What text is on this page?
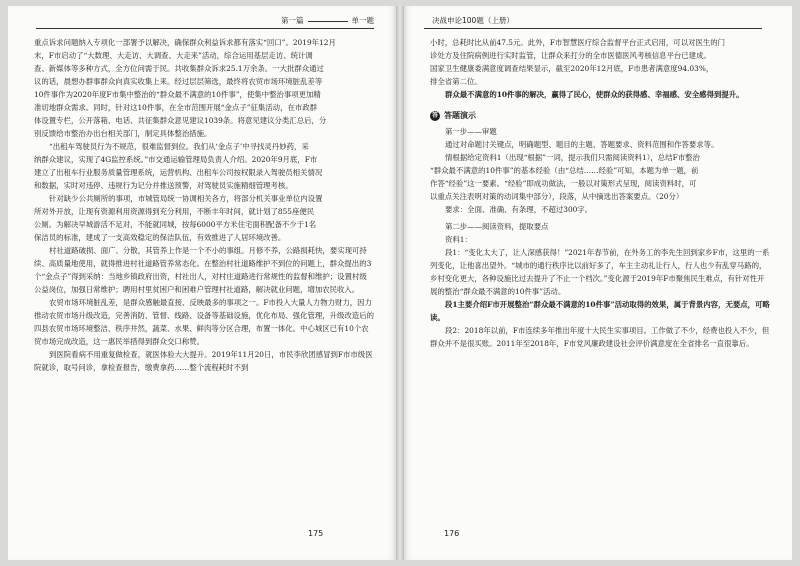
第一篇	单一题

重点诉求问题纳入专项化一部署予以解决，确保群众利益诉求都有落实“回口”。2019年12月

末，F市启动了“大数理、大走访、大调查、大走来”活动，综合运用基层走访、统计调

查、新媒体等多种方式，全方位问需于民。共收集群众诉求25.1万余条。一大批群众通过

议的话，晨想办群事群众向真实收集上来。经过层层筛选，最终将农贸市场环境脏乱差等

10件事作为2020年度F市集中整治的“群众最不满意的10件事”，使集中整治事项更加精

准切地群众需求。同时，针对这10件事，在全市范围开展“金点子”征集活动，在市政群

体设置专栏，公开落箱、电话、共征集群众意见建议1039条。将意见建议分类汇总后，分

别反馈给市整治办出台相关部门，制定具体整治措施。

“出租车驾驶员行为不规范，很难监督到位。我们从‘金点子’中寻找灵丹妙药，采

纳群众建议，实现了4G监控系统。”市交通运输管理局负责人介绍。2020年9月底，F市

建立了出租车行业服务质量管理系统，运营机构、出租车公司按权限录入驾驶员相关情况

和数据，实时对违停、违规行为记分并推送预警，对驾驶员实施精细管理考核。

针对缺少公共厕所的事项，市城管局统一协调相关各方，将部分机关事业单位内设置

所对外开放，让现有资源利用资源得到充分利用，不断丰年时间，就计划了855座便民

公厕。为解决早城游活不足对，不能就同城，按每6000平方米住宅面积配备不少于1名

保洁员的标准，建成了一支高效稳定的保洁队伍，有效推进了人居环境改善。

村社道路破损、面广、分散，其管养上作是一个不小的事组。月修不养，公路损耗快，要实现可持续、高质量地使用，就得推进村社道路管养常态化。在整治村社道路维护不到位的问题上，群众提出的3个“金点子”得到采纳：当地乡镇政府出资，村社出人，对村庄道路进行常规性的监督和维护；设置村级公益岗位，加强日常维护；聘用村里贫困户和困难户管理村社道路，解决就业问题，增加农民收入。

农贸市场环境脏乱差，是群众感触最直接、反映最多的事项之一。F市投入大量人力物力财力，因力推动农贸市场升级改造，完善消防、管督、线路、设备等基础设施，优化布局、强化管理，升级改造后的四县农贸市场环境整洁、秩序井然，蔬菜、水果、鲜肉等分区合理，布置一体化。中心城区已有10个农贸市场完成改造，这一惠民举措得到群众交口称赞。

到医院看病不用重复做检查，就医体验大大提升。2019年11月20日，市民李欣团感冒到F市市级医院就诊，取号问诊，拿检查报告，缴费拿药……整个流程耗时不到

175
决战申论100题（上册）

小时，总耗时比从前47.5元。此外，F市智慧医疗综合监督平台正式启用，可以对医生的门

诊处方及住院病例进行实时监管，让群众来打分的全市医德医风考核信息平台已建成。

国家卫生健康委满意度调查结果显示，截至2020年12月底，F市患者满意度94.03%，

排全省第二位。

群众最不满意的10件事的解决，赢得了民心，使群众的获得感、幸福感、安全感得到提升。

答 答题演示

第一步——审题

通过对命题讨关键点，明确题型、题目的主题、答题要求、资料范围和作答要求等。

情根据给定资料1（出现“根据”一词，提示我们只需阅读资料1），总结F市整治

“群众最不满意的10件事”的基本经验（由“总结……经验”可知，本题为单一题，前

作答“经验”这一要素。“经验”即成功做法，一般以对策形式呈现，阅读资料时，可

以重点关注表明对策的动词集中部分），段落，从中摘选出答案要点。（20分）

要求：全面、准确、有条理，不超过300字。

第二步——阅读资料，提取要点

资料1：

段1：“变化太大了，让人深感获得！”2021年春节前，在外务工的李先生回到家乡F市，这里的一系列变化，让他喜出望外。“城市的通行秩序比以前好多了，车主主动礼让行人，行人也少有乱穿马路的，乡村变化更大，各种设施比过去提升了不止一个档次。”变化源于2019年F市聚焦民生难点，有针对性开展的整治“群众最不满意的10件事”活动。

段1主要介绍F市开展整治“群众最不满意的10件事”活动取得的效果，属于背景内容，无要点，可略读。

段2：2018年以前，F市连续多年推出年度十大民生实事项目。工作做了不少，经费也投入不少，但群众并不是很买账。2011年至2018年，F市党风廉政建设社会评价满意度在全省排名一直很靠后。

176
